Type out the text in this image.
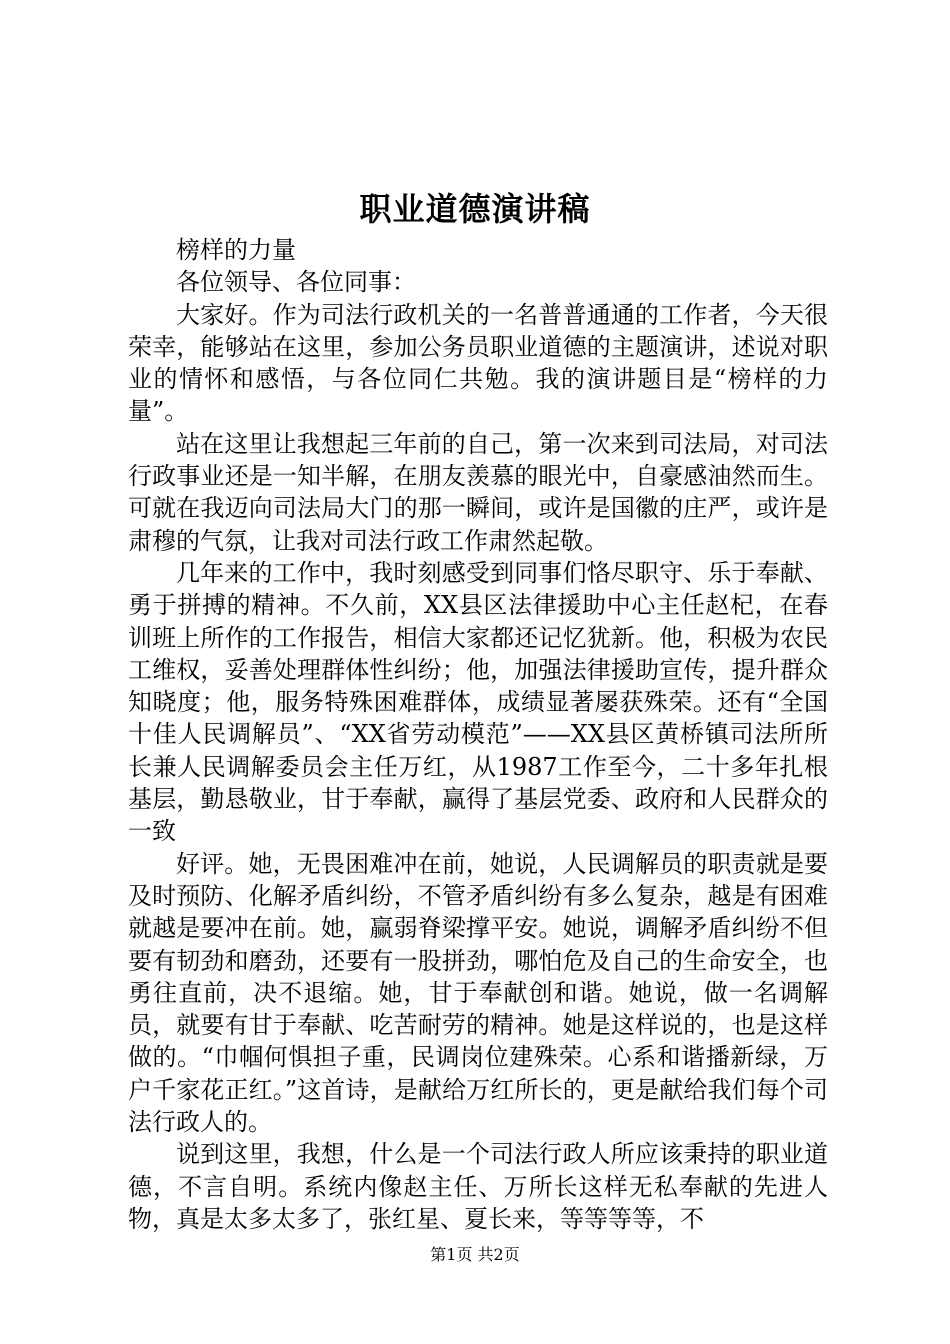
职业道德演讲稿

榜样的力量

各位领导、各位同事：

大家好。作为司法行政机关的一名普普通通的工作者，今天很荣幸，能够站在这里，参加公务员职业道德的主题演讲，述说对职业的情怀和感悟，与各位同仁共勉。我的演讲题目是“榜样的力量”。

站在这里让我想起三年前的自己，第一次来到司法局，对司法行政事业还是一知半解，在朋友羡慕的眼光中，自豪感油然而生。可就在我迈向司法局大门的那一瞬间，或许是国徽的庄严，或许是肃穆的气氛，让我对司法行政工作肃然起敬。

几年来的工作中，我时刻感受到同事们恪尽职守、乐于奉献、勇于拼搏的精神。不久前，XX县区法律援助中心主任赵杞，在春训班上所作的工作报告，相信大家都还记忆犹新。他，积极为农民工维权，妥善处理群体性纠纷；他，加强法律援助宣传，提升群众知晓度；他，服务特殊困难群体，成绩显著屡获殊荣。还有“全国十佳人民调解员”、“XX省劳动模范”——XX县区黄桥镇司法所所长兼人民调解委员会主任万红，从1987工作至今，二十多年扎根基层，勤恳敬业，甘于奉献，赢得了基层党委、政府和人民群众的一致

好评。她，无畏困难冲在前，她说，人民调解员的职责就是要及时预防、化解矛盾纠纷，不管矛盾纠纷有多么复杂，越是有困难就越是要冲在前。她，赢弱脊梁撑平安。她说，调解矛盾纠纷不但要有韧劲和磨劲，还要有一股拼劲，哪怕危及自己的生命安全，也勇往直前，决不退缩。她，甘于奉献创和谐。她说，做一名调解员，就要有甘于奉献、吃苦耐劳的精神。她是这样说的，也是这样做的。“巾帼何惧担子重，民调岗位建殊荣。心系和谐播新绿，万户千家花正红。”这首诗，是献给万红所长的，更是献给我们每个司法行政人的。

说到这里，我想，什么是一个司法行政人所应该秉持的职业道德，不言自明。系统内像赵主任、万所长这样无私奉献的先进人物，真是太多太多了，张红星、夏长来，等等等等，不

第1页 共2页
